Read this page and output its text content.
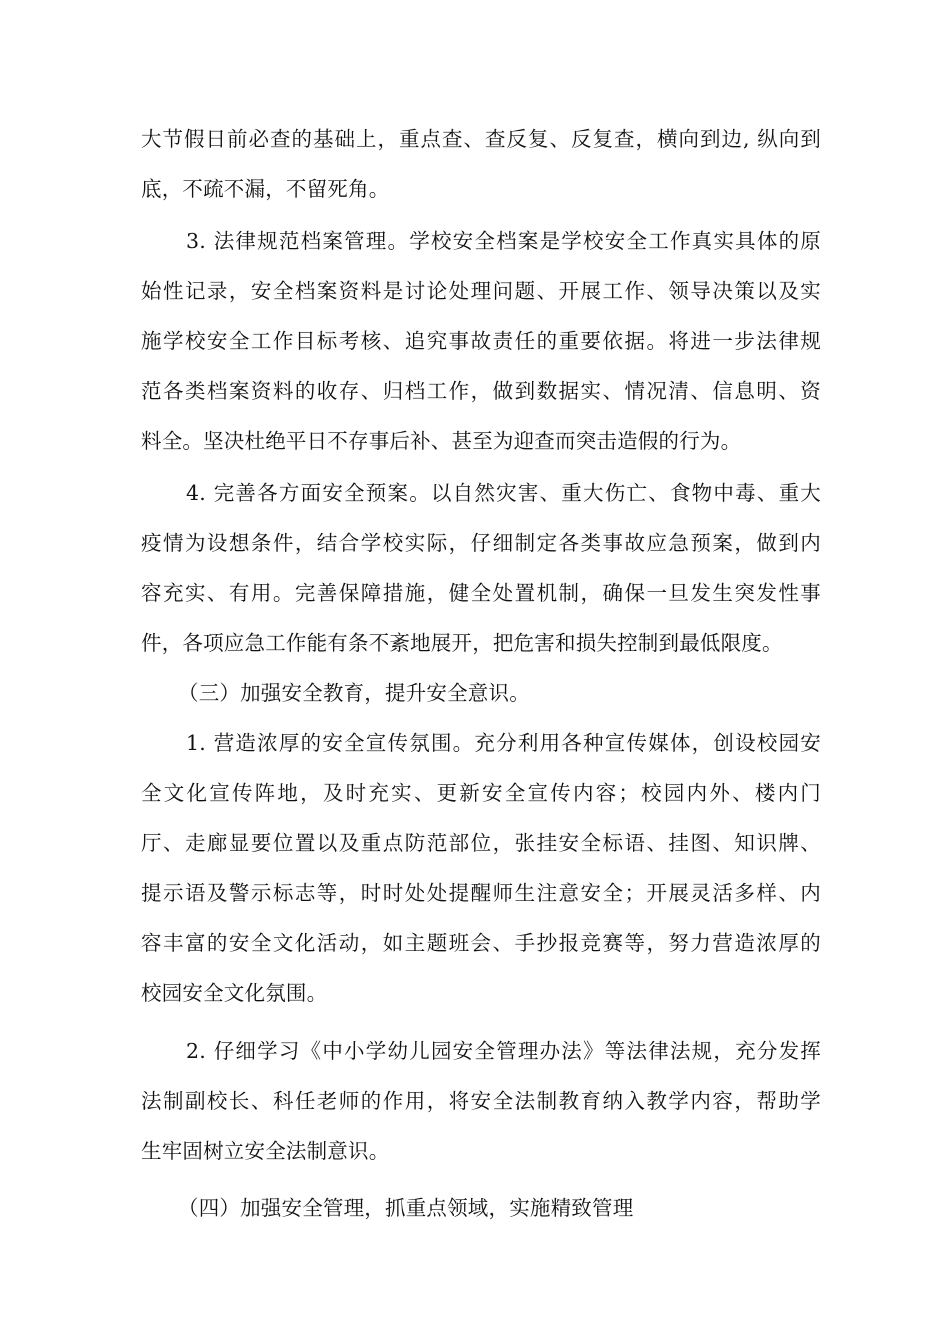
大节假日前必查的基础上，重点查、查反复、反复查，横向到边, 纵向到
底，不疏不漏，不留死角。
3. 法律规范档案管理。学校安全档案是学校安全工作真实具体的原
始性记录，安全档案资料是讨论处理问题、开展工作、领导决策以及实
施学校安全工作目标考核、追究事故责任的重要依据。将进一步法律规
范各类档案资料的收存、归档工作，做到数据实、情况清、信息明、资
料全。坚决杜绝平日不存事后补、甚至为迎查而突击造假的行为。
4. 完善各方面安全预案。以自然灾害、重大伤亡、食物中毒、重大
疫情为设想条件，结合学校实际，仔细制定各类事故应急预案，做到内
容充实、有用。完善保障措施，健全处置机制，确保一旦发生突发性事
件，各项应急工作能有条不紊地展开，把危害和损失控制到最低限度。
（三）加强安全教育，提升安全意识。
1. 营造浓厚的安全宣传氛围。充分利用各种宣传媒体，创设校园安
全文化宣传阵地，及时充实、更新安全宣传内容；校园内外、楼内门
厅、走廊显要位置以及重点防范部位，张挂安全标语、挂图、知识牌、
提示语及警示标志等，时时处处提醒师生注意安全；开展灵活多样、内
容丰富的安全文化活动，如主题班会、手抄报竞赛等，努力营造浓厚的
校园安全文化氛围。
2. 仔细学习《中小学幼儿园安全管理办法》等法律法规，充分发挥
法制副校长、科任老师的作用，将安全法制教育纳入教学内容，帮助学
生牢固树立安全法制意识。
（四）加强安全管理，抓重点领域，实施精致管理
